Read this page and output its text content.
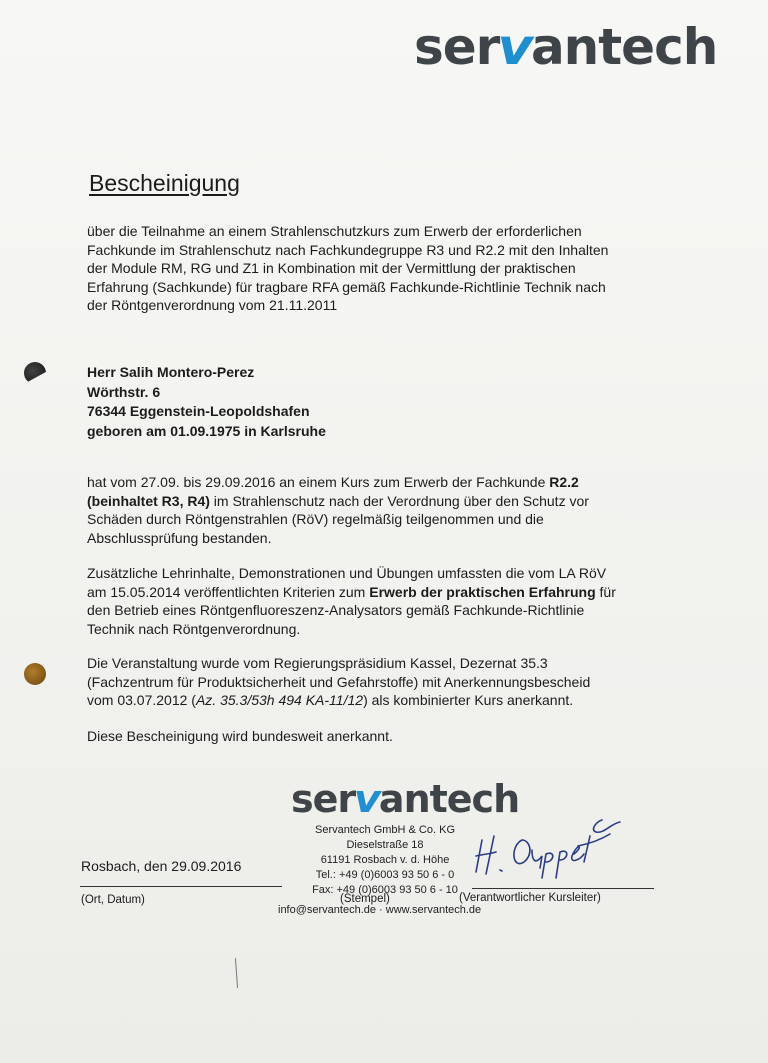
servantech
Bescheinigung

über die Teilnahme an einem Strahlenschutzkurs zum Erwerb der erforderlichen

Fachkunde im Strahlenschutz nach Fachkundegruppe R3 und R2.2 mit den Inhalten

der Module RM, RG und Z1 in Kombination mit der Vermittlung der praktischen

Erfahrung (Sachkunde) für tragbare RFA gemäß Fachkunde-Richtlinie Technik nach

der Röntgenverordnung vom 21.11.2011

Herr Salih Montero-Perez

Wörthstr. 6

76344 Eggenstein-Leopoldshafen

geboren am 01.09.1975 in Karlsruhe

hat vom 27.09. bis 29.09.2016 an einem Kurs zum Erwerb der Fachkunde R2.2

(beinhaltet R3, R4) im Strahlenschutz nach der Verordnung über den Schutz vor

Schäden durch Röntgenstrahlen (RöV) regelmäßig teilgenommen und die

Abschlussprüfung bestanden.

Zusätzliche Lehrinhalte, Demonstrationen und Übungen umfassten die vom LA RöV

am 15.05.2014 veröffentlichten Kriterien zum Erwerb der praktischen Erfahrung für

den Betrieb eines Röntgenfluoreszenz-Analysators gemäß Fachkunde-Richtlinie

Technik nach Röntgenverordnung.

Die Veranstaltung wurde vom Regierungspräsidium Kassel, Dezernat 35.3

(Fachzentrum für Produktsicherheit und Gefahrstoffe) mit Anerkennungsbescheid

vom 03.07.2012 (Az. 35.3/53h 494 KA-11/12) als kombinierter Kurs anerkannt.

Diese Bescheinigung wird bundesweit anerkannt.
servantech

Servantech GmbH & Co. KG

Dieselstraße 18

61191 Rosbach v. d. Höhe

Tel.: +49 (0)6003 93 50 6 - 0

Fax: +49 (0)6003 93 50 6 - 10

info@servantech.de · www.servantech.de

Rosbach, den 29.09.2016
(Ort, Datum)	(Stempel)	(Verantwortlicher Kursleiter)
